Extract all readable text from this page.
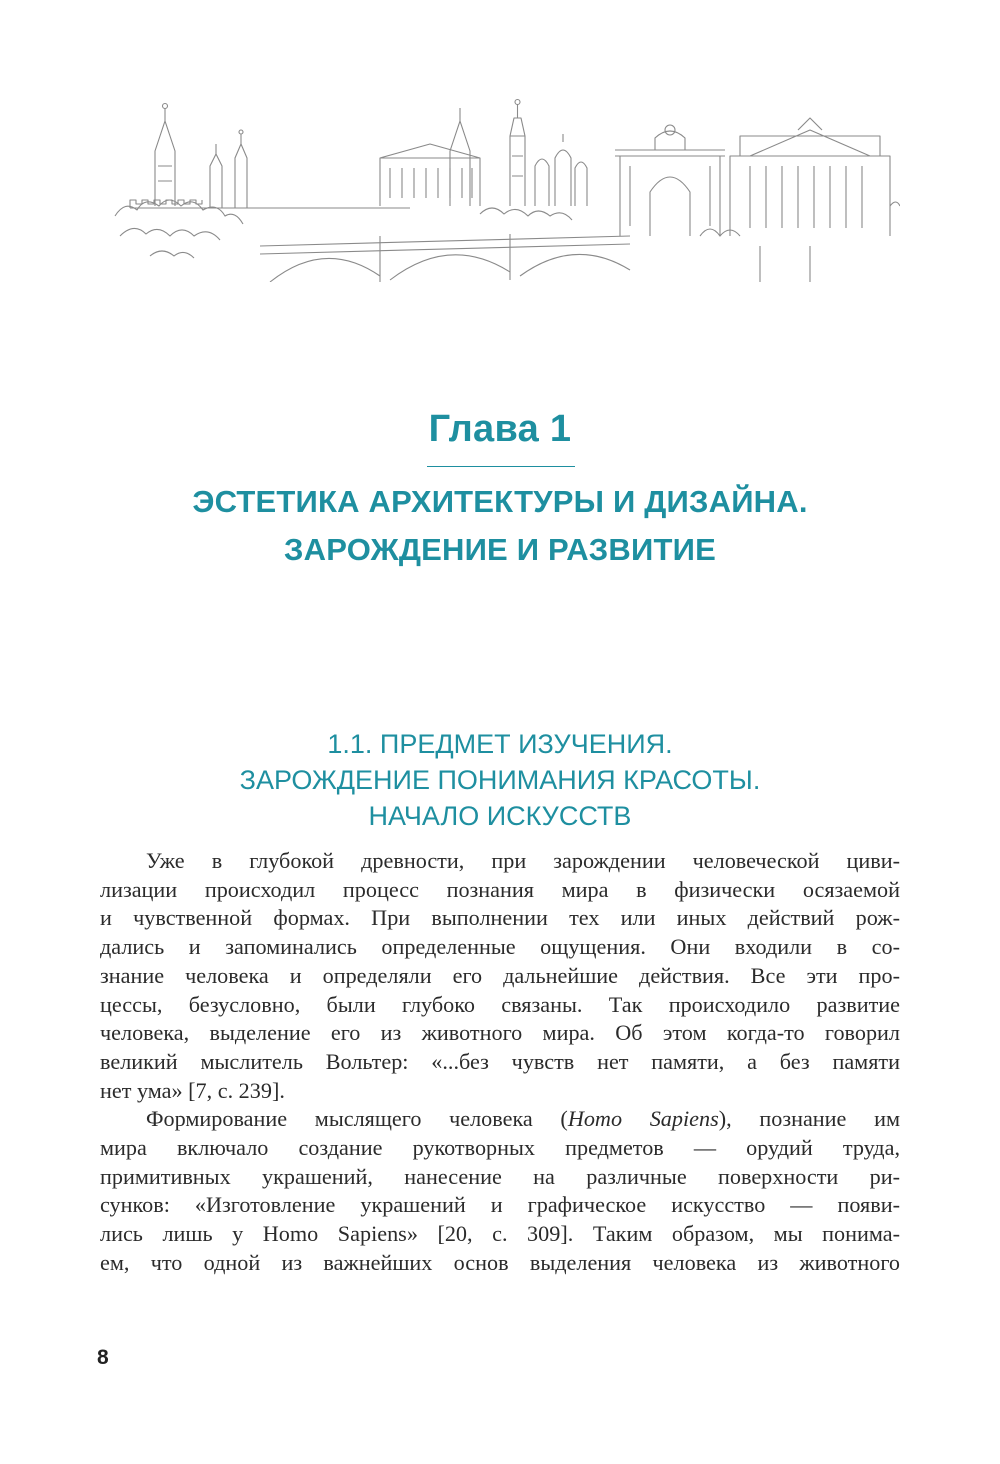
Глава 1
ЭСТЕТИКА АРХИТЕКТУРЫ И ДИЗАЙНА.
ЗАРОЖДЕНИЕ И РАЗВИТИЕ
1.1. ПРЕДМЕТ ИЗУЧЕНИЯ.
ЗАРОЖДЕНИЕ ПОНИМАНИЯ КРАСОТЫ.
НАЧАЛО ИСКУССТВ
Уже в глубокой древности, при зарождении человеческой циви-
лизации происходил процесс познания мира в физически осязаемой
и чувственной формах. При выполнении тех или иных действий рож-
дались и запоминались определенные ощущения. Они входили в со-
знание человека и определяли его дальнейшие действия. Все эти про-
цессы, безусловно, были глубоко связаны. Так происходило развитие
человека, выделение его из животного мира. Об этом когда-то говорил
великий мыслитель Вольтер: «...без чувств нет памяти, а без памяти
нет ума» [7, с. 239].
Формирование мыслящего человека (Homo Sapiens), познание им
мира включало создание рукотворных предметов — орудий труда,
примитивных украшений, нанесение на различные поверхности ри-
сунков: «Изготовление украшений и графическое искусство — появи-
лись лишь у Homo Sapiens» [20, с. 309]. Таким образом, мы понима-
ем, что одной из важнейших основ выделения человека из животного
8
